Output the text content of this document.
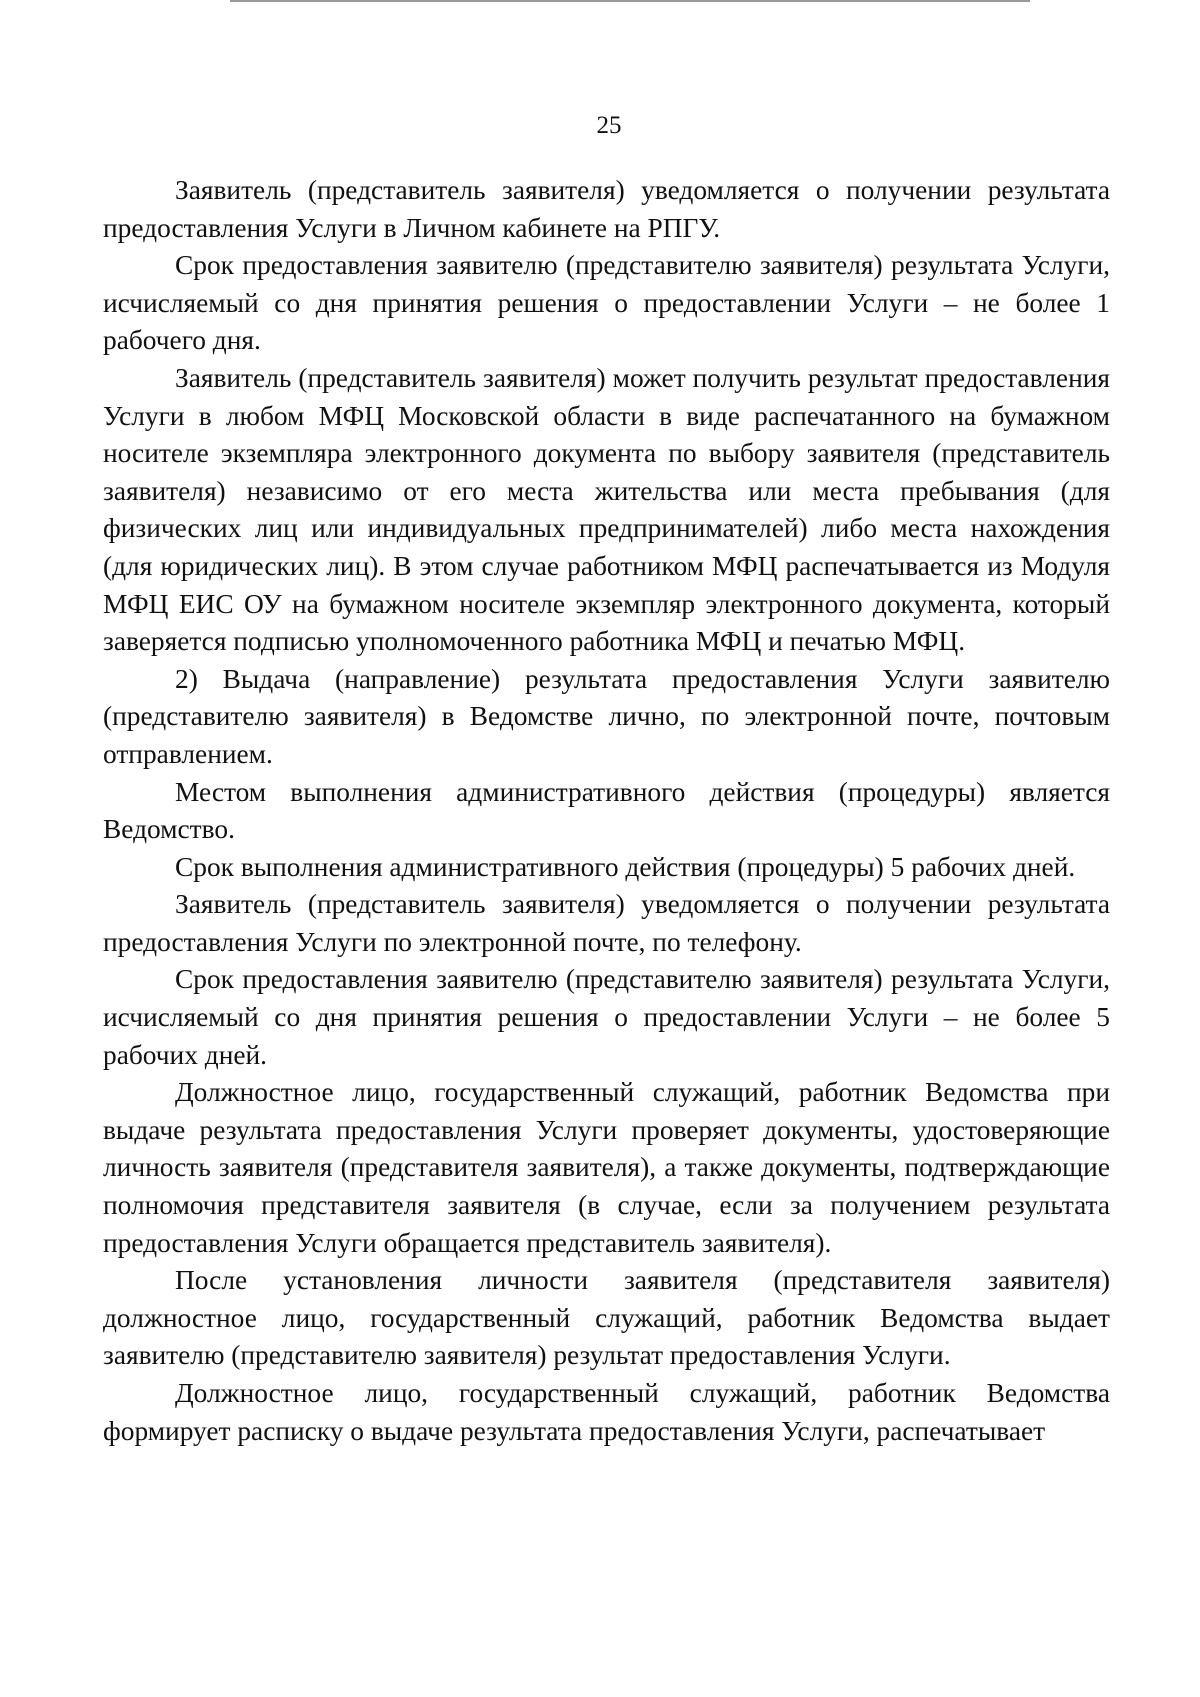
25

Заявитель (представитель заявителя) уведомляется о получении результата предоставления Услуги в Личном кабинете на РПГУ.

Срок предоставления заявителю (представителю заявителя) результата Услуги, исчисляемый со дня принятия решения о предоставлении Услуги – не более 1 рабочего дня.

Заявитель (представитель заявителя) может получить результат предоставления Услуги в любом МФЦ Московской области в виде распечатанного на бумажном носителе экземпляра электронного документа по выбору заявителя (представитель заявителя) независимо от его места жительства или места пребывания (для физических лиц или индивидуальных предпринимателей) либо места нахождения (для юридических лиц). В этом случае работником МФЦ распечатывается из Модуля МФЦ ЕИС ОУ на бумажном носителе экземпляр электронного документа, который заверяется подписью уполномоченного работника МФЦ и печатью МФЦ.

2) Выдача (направление) результата предоставления Услуги заявителю (представителю заявителя) в Ведомстве лично, по электронной почте, почтовым отправлением.

Местом выполнения административного действия (процедуры) является Ведомство.

Срок выполнения административного действия (процедуры) 5 рабочих дней.

Заявитель (представитель заявителя) уведомляется о получении результата предоставления Услуги по электронной почте, по телефону.

Срок предоставления заявителю (представителю заявителя) результата Услуги, исчисляемый со дня принятия решения о предоставлении Услуги – не более 5 рабочих дней.

Должностное лицо, государственный служащий, работник Ведомства при выдаче результата предоставления Услуги проверяет документы, удостоверяющие личность заявителя (представителя заявителя), а также документы, подтверждающие полномочия представителя заявителя (в случае, если за получением результата предоставления Услуги обращается представитель заявителя).

После установления личности заявителя (представителя заявителя) должностное лицо, государственный служащий, работник Ведомства выдает заявителю (представителю заявителя) результат предоставления Услуги.

Должностное лицо, государственный служащий, работник Ведомства формирует расписку о выдаче результата предоставления Услуги, распечатывает
